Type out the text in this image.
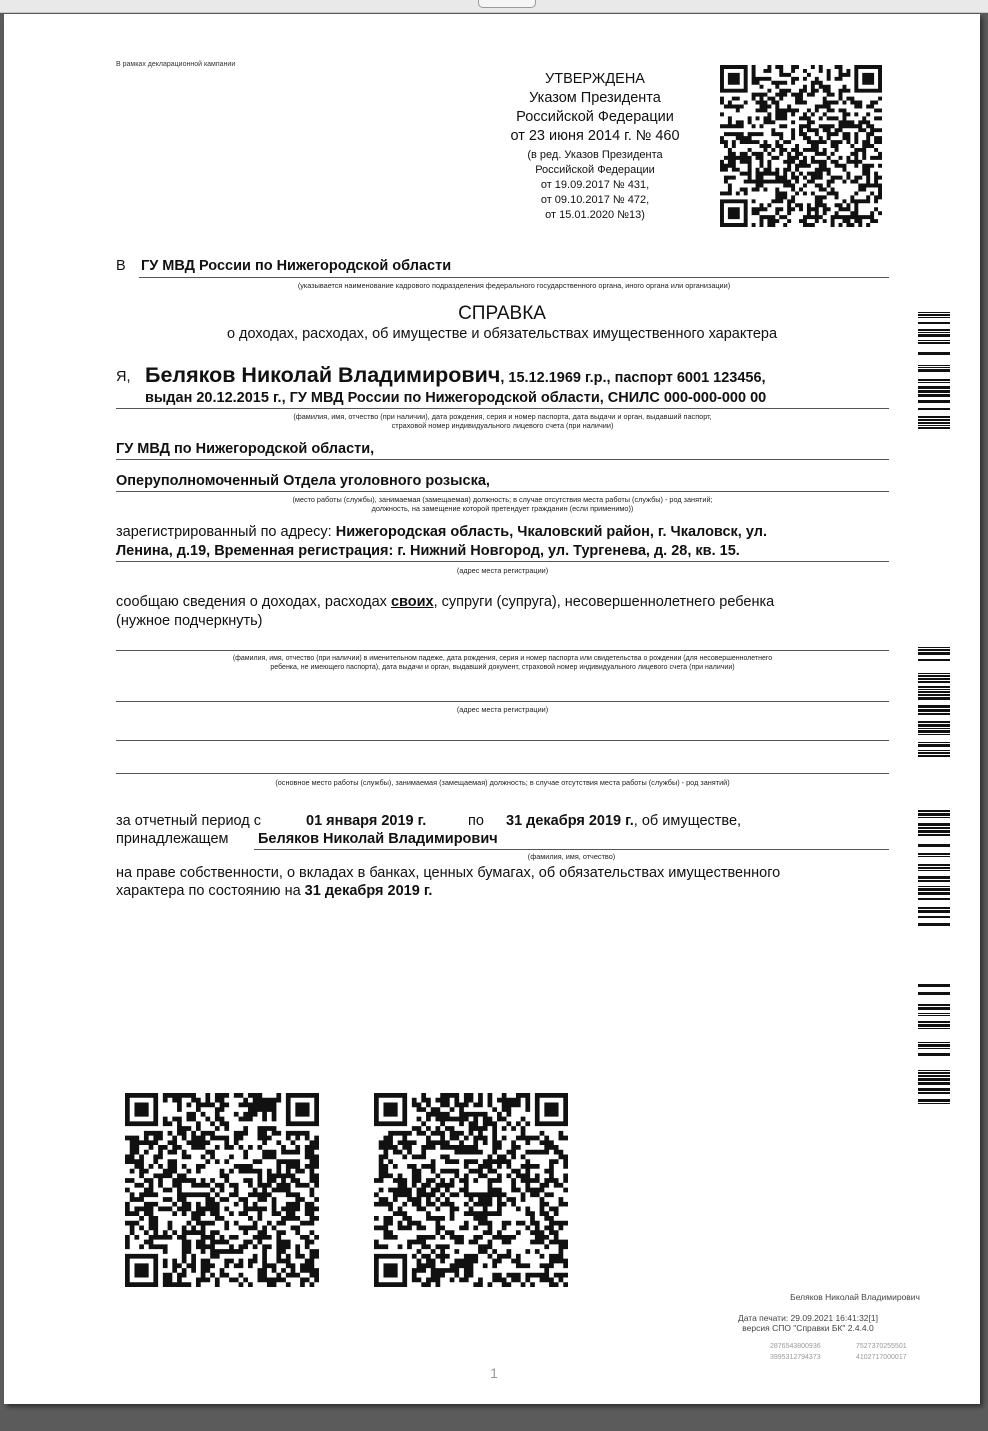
В рамках декларационной кампании
УТВЕРЖДЕНА
Указом Президента
Российской Федерации
от 23 июня 2014 г. № 460
(в ред. Указов Президента
Российской Федерации
от 19.09.2017 № 431,
от 09.10.2017 № 472,
от 15.01.2020 №13)
В ГУ МВД России по Нижегородской области
(указывается наименование кадрового подразделения федерального государственного органа, иного органа или организации)
СПРАВКА
о доходах, расходах, об имуществе и обязательствах имущественного характера
Я, Беляков Николай Владимирович, 15.12.1969 г.р., паспорт 6001 123456,
выдан 20.12.2015 г., ГУ МВД России по Нижегородской области, СНИЛС 000-000-000 00
(фамилия, имя, отчество (при наличии), дата рождения, серия и номер паспорта, дата выдачи и орган, выдавший паспорт,
страховой номер индивидуального лицевого счета (при наличии)
ГУ МВД по Нижегородской области,
Оперуполномоченный Отдела уголовного розыска,
(место работы (службы), занимаемая (замещаемая) должность; в случае отсутствия места работы (службы) - род занятий;
должность, на замещение которой претендует гражданин (если применимо))
зарегистрированный по адресу: Нижегородская область, Чкаловский район, г. Чкаловск, ул.
Ленина, д.19, Временная регистрация: г. Нижний Новгород, ул. Тургенева, д. 28, кв. 15.
(адрес места регистрации)
сообщаю сведения о доходах, расходах своих, супруги (супруга), несовершеннолетнего ребенка
(нужное подчеркнуть)
(фамилия, имя, отчество (при наличии) в именительном падеже, дата рождения, серия и номер паспорта или свидетельства о рождении (для несовершеннолетнего
ребенка, не имеющего паспорта), дата выдачи и орган, выдавший документ, страховой номер индивидуального лицевого счета (при наличии)
(адрес места регистрации)
(основное место работы (службы), занимаемая (замещаемая) должность; в случае отсутствия места работы (службы) - род занятий)
за отчетный период с	01 января 2019 г.	по 31 декабря 2019 г., об имуществе,
принадлежащем Беляков Николай Владимирович
(фамилия, имя, отчество)
на праве собственности, о вкладах в банках, ценных бумагах, об обязательствах имущественного
характера по состоянию на 31 декабря 2019 г.
Беляков Николай Владимирович
Дата печати: 29.09.2021 16:41:32[1]
версия СПО "Справки БК" 2.4.4.0
2876543800936
3995312794373
7527370255501
4102717000017
1
